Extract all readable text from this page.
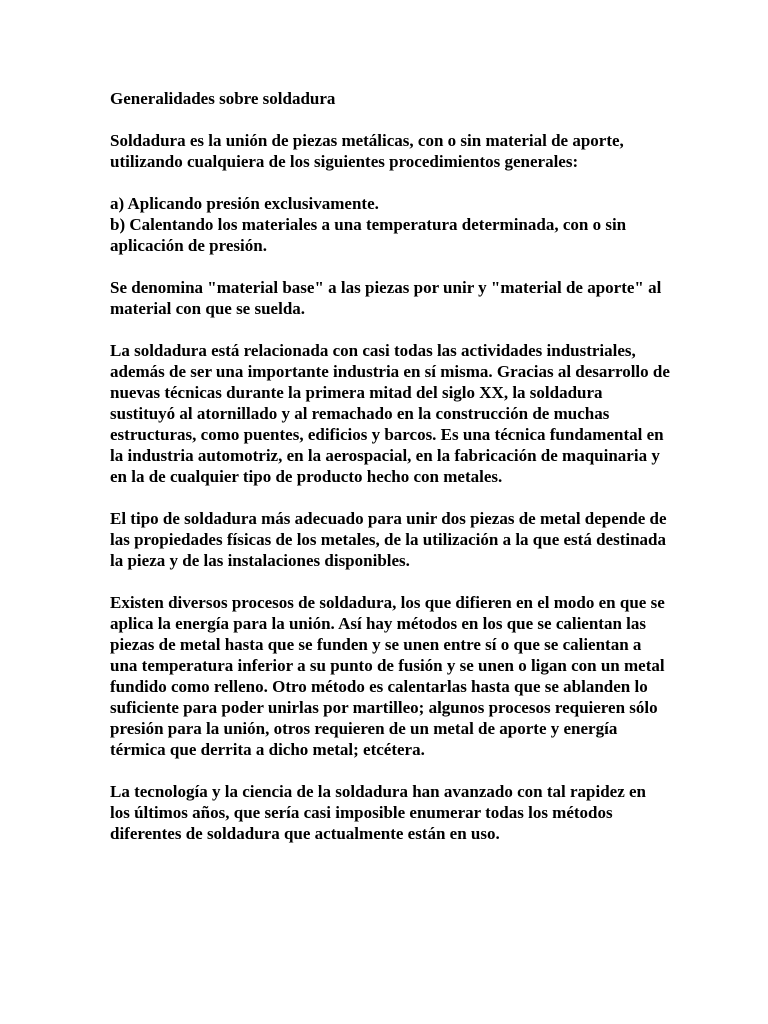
Generalidades sobre soldadura

Soldadura es la unión de piezas metálicas, con o sin material de aporte, utilizando cualquiera de los siguientes procedimientos generales:

a) Aplicando presión exclusivamente.
b) Calentando los materiales a una temperatura determinada, con o sin aplicación de presión.

Se denomina "material base" a las piezas por unir y "material de aporte" al material con que se suelda.

La soldadura está relacionada con casi todas las actividades industriales, además de ser una importante industria en sí misma. Gracias al desarrollo de nuevas técnicas durante la primera mitad del siglo XX, la soldadura sustituyó al atornillado y al remachado en la construcción de muchas estructuras, como puentes, edificios y barcos. Es una técnica fundamental en la industria automotriz, en la aerospacial, en la fabricación de maquinaria y en la de cualquier tipo de producto hecho con metales.

El tipo de soldadura más adecuado para unir dos piezas de metal depende de las propiedades físicas de los metales, de la utilización a la que está destinada la pieza y de las instalaciones disponibles.

Existen diversos procesos de soldadura, los que difieren en el modo en que se aplica la energía para la unión. Así hay métodos en los que se calientan las piezas de metal hasta que se funden y se unen entre sí o que se calientan a una temperatura inferior a su punto de fusión y se unen o ligan con un metal fundido como relleno. Otro método es calentarlas hasta que se ablanden lo suficiente para poder unirlas por martilleo; algunos procesos requieren sólo presión para la unión, otros requieren de un metal de aporte y energía térmica que derrita a dicho metal; etcétera.

La tecnología y la ciencia de la soldadura han avanzado con tal rapidez en los últimos años, que sería casi imposible enumerar todas los métodos diferentes de soldadura que actualmente están en uso.
